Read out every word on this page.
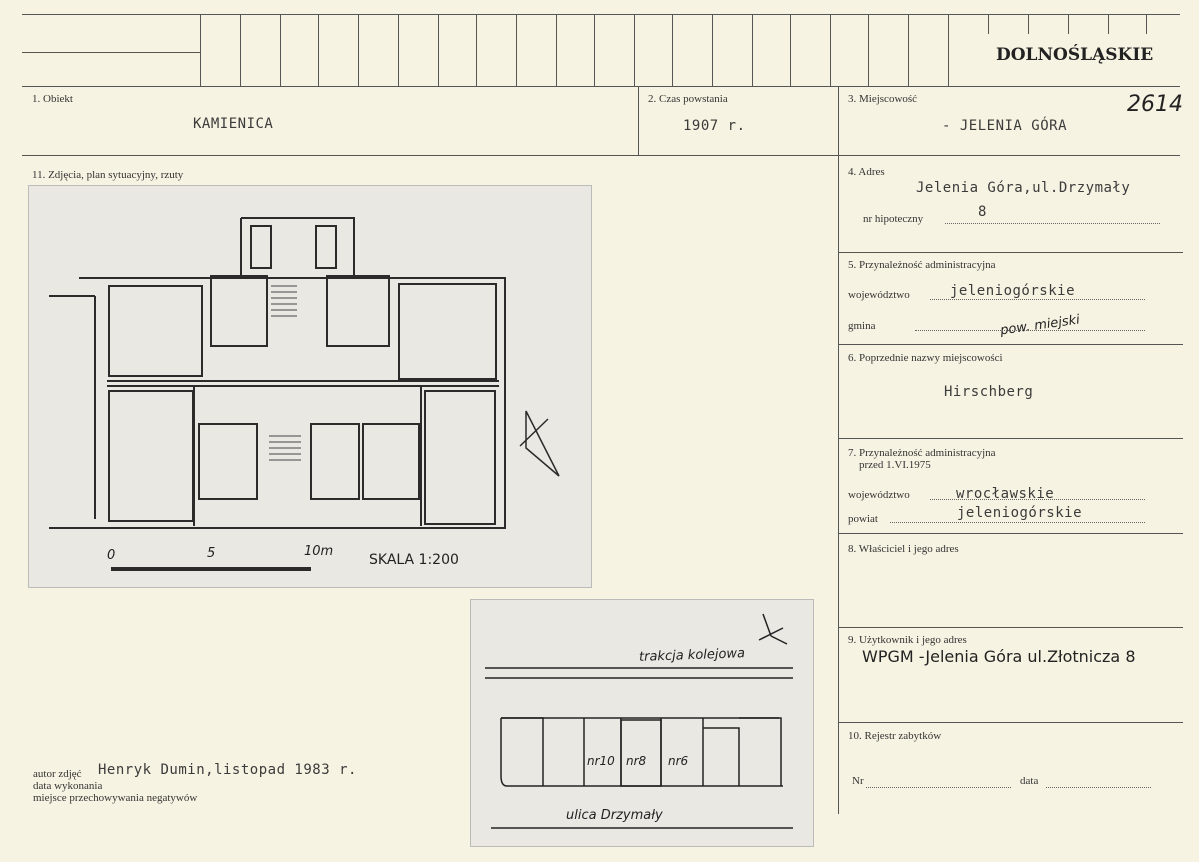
DOLNOŚLĄSKIE
1. Obiekt
KAMIENICA
2. Czas powstania
1907 r.
3. Miejscowość
- JELENIA GÓRA
2614
11. Zdjęcia, plan sytuacyjny, rzuty
0	5	10m
SKALA 1:200
trakcja kolejowa
nr10 nr8 nr6
ulica Drzymały
autor zdjęć
data wykonania
miejsce przechowywania negatywów
Henryk Dumin,listopad 1983 r.
4. Adres
Jelenia Góra,ul.Drzymały
nr hipoteczny	8
5. Przynależność administracyjna
województwo	jeleniogórskie
gmina	pow. miejski
6. Poprzednie nazwy miejscowości
Hirschberg
7. Przynależność administracyjna
przed 1.VI.1975
województwo	wrocławskie
powiat	jeleniogórskie
8. Właściciel i jego adres
9. Użytkownik i jego adres
WPGM -Jelenia Góra ul.Złotnicza 8
10. Rejestr zabytków
Nr	data
